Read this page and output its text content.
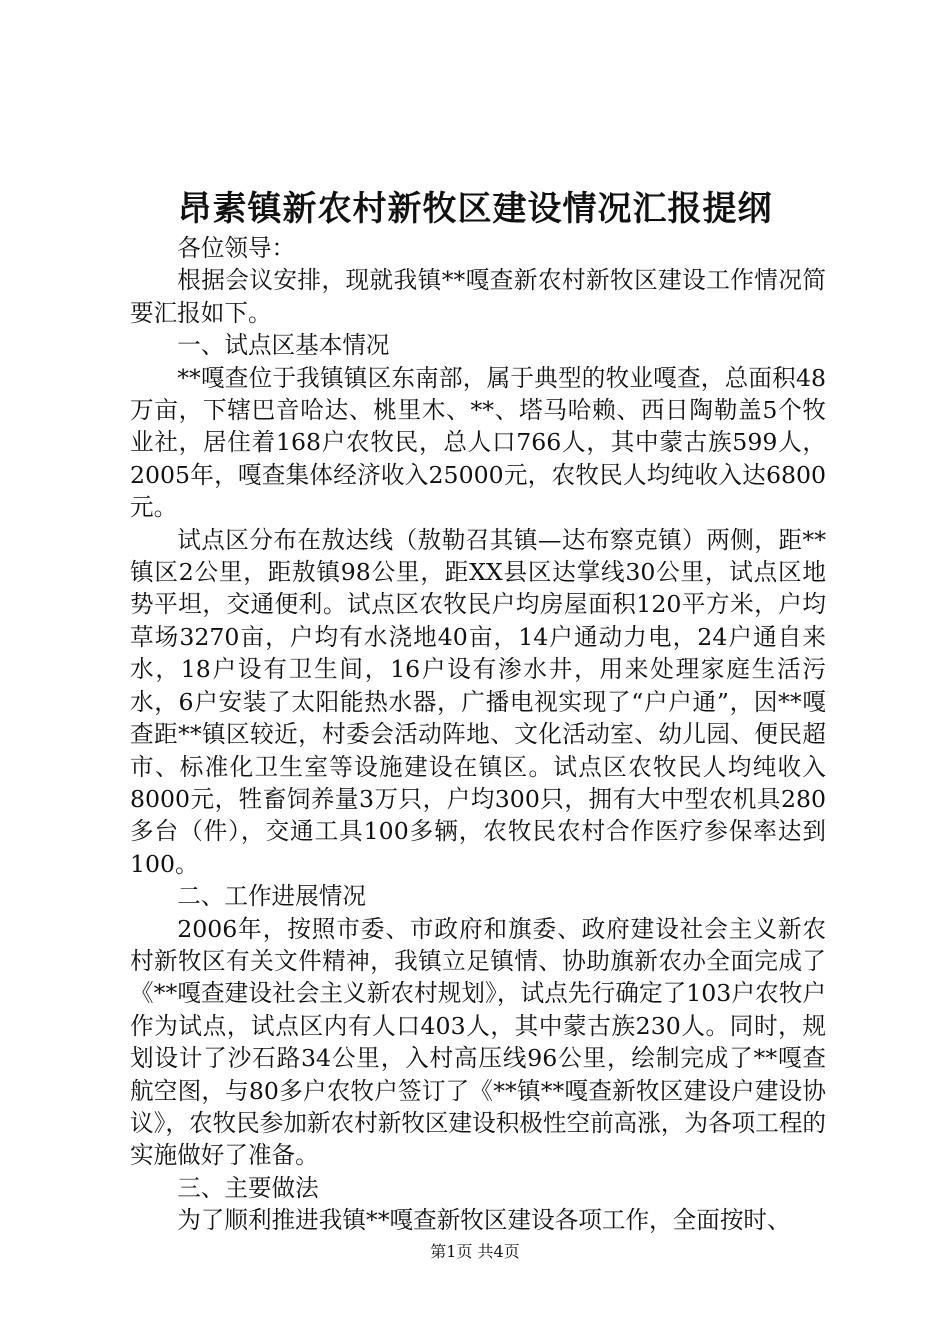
昂素镇新农村新牧区建设情况汇报提纲

各位领导：

根据会议安排，现就我镇**嘎查新农村新牧区建设工作情况简要汇报如下。

一、试点区基本情况

**嘎查位于我镇镇区东南部，属于典型的牧业嘎查，总面积48万亩，下辖巴音哈达、桃里木、**、塔马哈赖、西日陶勒盖5个牧业社，居住着168户农牧民，总人口766人，其中蒙古族599人，2005年，嘎查集体经济收入25000元，农牧民人均纯收入达6800元。

试点区分布在敖达线（敖勒召其镇—达布察克镇）两侧，距**镇区2公里，距敖镇98公里，距XX县区达掌线30公里，试点区地势平坦，交通便利。试点区农牧民户均房屋面积120平方米，户均草场3270亩，户均有水浇地40亩，14户通动力电，24户通自来水，18户设有卫生间，16户设有渗水井，用来处理家庭生活污水，6户安装了太阳能热水器，广播电视实现了“户户通”，因**嘎查距**镇区较近，村委会活动阵地、文化活动室、幼儿园、便民超市、标准化卫生室等设施建设在镇区。试点区农牧民人均纯收入8000元，牲畜饲养量3万只，户均300只，拥有大中型农机具280多台（件），交通工具100多辆，农牧民农村合作医疗参保率达到100。

二、工作进展情况

2006年，按照市委、市政府和旗委、政府建设社会主义新农村新牧区有关文件精神，我镇立足镇情、协助旗新农办全面完成了《**嘎查建设社会主义新农村规划》，试点先行确定了103户农牧户作为试点，试点区内有人口403人，其中蒙古族230人。同时，规划设计了沙石路34公里，入村高压线96公里，绘制完成了**嘎查航空图，与80多户农牧户签订了《**镇**嘎查新牧区建设户建设协议》，农牧民参加新农村新牧区建设积极性空前高涨，为各项工程的实施做好了准备。

三、主要做法

为了顺利推进我镇**嘎查新牧区建设各项工作，全面按时、

第1页 共4页
